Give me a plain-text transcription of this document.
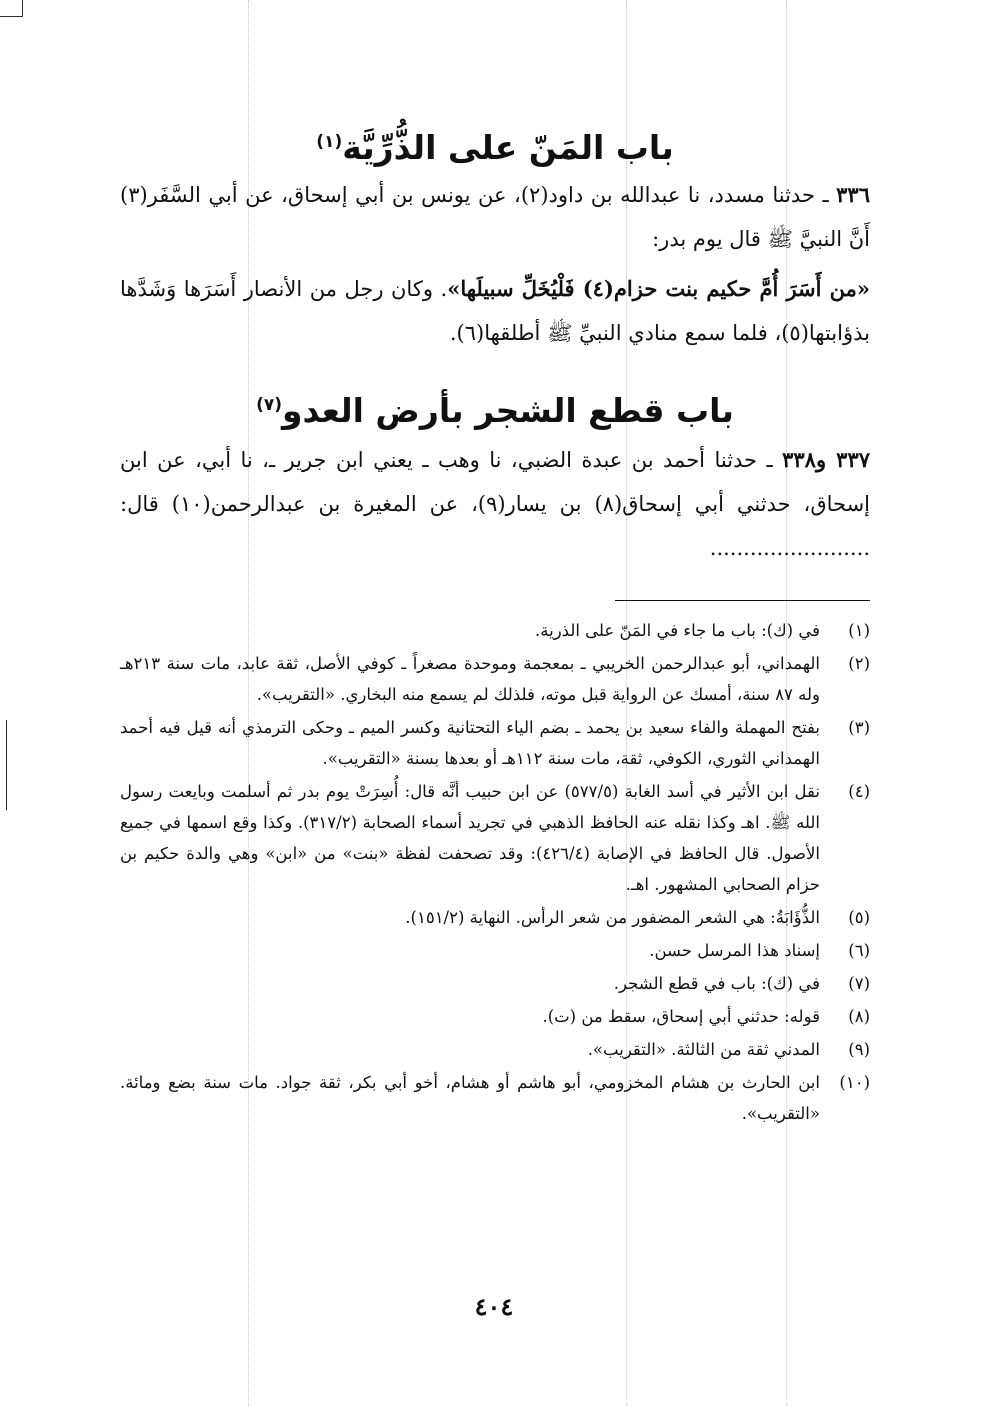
باب المَنّ على الذُّرِّيَّة$^{(١)}$

٣٣٦ ـ حدثنا مسدد، نا عبدالله بن داود(٢)، عن يونس بن أبي إسحاق، عن أبي السَّفَر(٣) أَنَّ النبيَّ ﷺ قال يوم بدر:

«من أَسَرَ أُمَّ حكيم بنت حزام(٤) فَلْيُخَلِّ سبيلَها». وكان رجل من الأنصار أَسَرَها وَشَدَّها بذؤابتها(٥)، فلما سمع منادي النبيِّ ﷺ أطلقها(٦).

باب قطع الشجر بأرض العدو$^{(٧)}$

٣٣٧ و٣٣٨ ـ حدثنا أحمد بن عبدة الضبي، نا وهب ـ يعني ابن جرير ـ، نا أبي، عن ابن إسحاق، حدثني أبي إسحاق(٨) بن يسار(٩)، عن المغيرة بن عبدالرحمن(١٠) قال: ........................

(١)
في (ك): باب ما جاء في المَنّ على الذرية.
(٢)
الهمداني، أبو عبدالرحمن الخريبي ـ بمعجمة وموحدة مصغراً ـ كوفي الأصل، ثقة عابد، مات سنة ٢١٣هـ وله ٨٧ سنة، أمسك عن الرواية قبل موته، فلذلك لم يسمع منه البخاري. «التقريب».
(٣)
بفتح المهملة والفاء سعيد بن يحمد ـ بضم الياء التحتانية وكسر الميم ـ وحكى الترمذي أنه قيل فيه أحمد الهمداني الثوري، الكوفي، ثقة، مات سنة ١١٢هـ أو بعدها بسنة «التقريب».
(٤)
نقل ابن الأثير في أسد الغابة (٥٧٧/٥) عن ابن حبيب أنَّه قال: أُسِرَتْ يوم بدر ثم أسلمت وبايعت رسول الله ﷺ. اهـ وكذا نقله عنه الحافظ الذهبي في تجريد أسماء الصحابة (٣١٧/٢). وكذا وقع اسمها في جميع الأصول. قال الحافظ في الإصابة (٤٢٦/٤): وقد تصحفت لفظة «بنت» من «ابن» وهي والدة حكيم بن حزام الصحابي المشهور. اهـ.
(٥)
الذُّؤَابَةُ: هي الشعر المضفور من شعر الرأس. النهاية (١٥١/٢).
(٦)
إسناد هذا المرسل حسن.
(٧)
في (ك): باب في قطع الشجر.
(٨)
قوله: حدثني أبي إسحاق، سقط من (ت).
(٩)
المدني ثقة من الثالثة. «التقريب».
(١٠)
ابن الحارث بن هشام المخزومي، أبو هاشم أو هشام، أخو أبي بكر، ثقة جواد. مات سنة بضع ومائة. «التقريب».
٤٠٤
